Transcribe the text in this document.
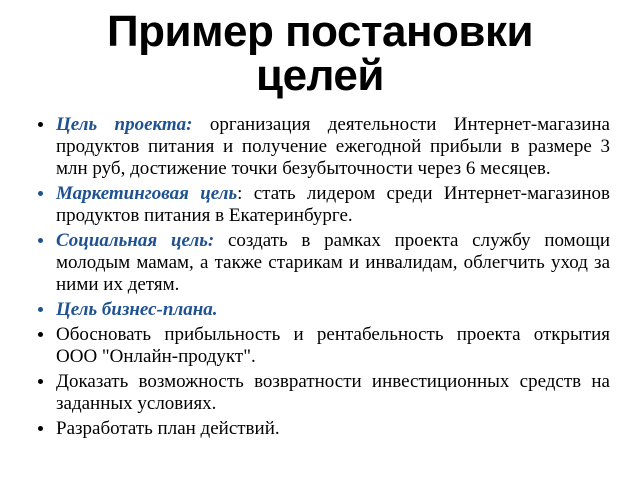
Пример постановки целей
Цель проекта: организация деятельности Интернет-магазина продуктов питания и получение ежегодной прибыли в размере 3 млн руб, достижение точки безубыточности через 6 месяцев.
Маркетинговая цель: стать лидером среди Интернет-магазинов продуктов питания в Екатеринбурге.
Социальная цель: создать в рамках проекта службу помощи молодым мамам, а также старикам и инвалидам, облегчить уход за ними их детям.
Цель бизнес-плана.
Обосновать прибыльность и рентабельность проекта открытия ООО "Онлайн-продукт".
Доказать возможность возвратности инвестиционных средств на заданных условиях.
Разработать план действий.
